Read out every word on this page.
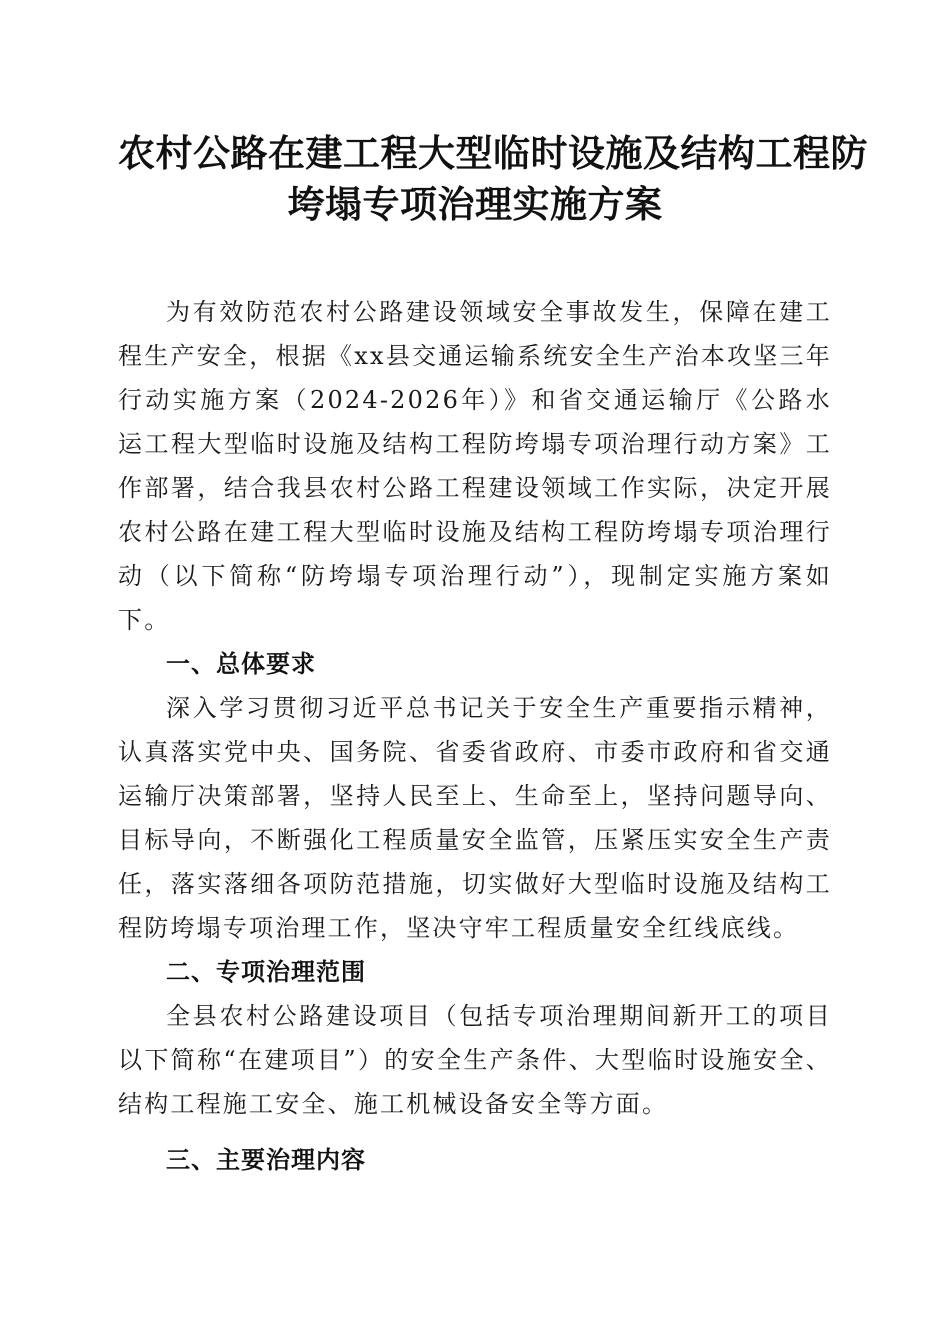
农村公路在建工程大型临时设施及结构工程防
垮塌专项治理实施方案

为有效防范农村公路建设领域安全事故发生，保障在建工程生产安全，根据《xx县交通运输系统安全生产治本攻坚三年行动实施方案（2024-2026年）》和省交通运输厅《公路水运工程大型临时设施及结构工程防垮塌专项治理行动方案》工作部署，结合我县农村公路工程建设领域工作实际，决定开展农村公路在建工程大型临时设施及结构工程防垮塌专项治理行动（以下简称“防垮塌专项治理行动”），现制定实施方案如下。

一、总体要求

深入学习贯彻习近平总书记关于安全生产重要指示精神，认真落实党中央、国务院、省委省政府、市委市政府和省交通运输厅决策部署，坚持人民至上、生命至上，坚持问题导向、目标导向，不断强化工程质量安全监管，压紧压实安全生产责任，落实落细各项防范措施，切实做好大型临时设施及结构工程防垮塌专项治理工作，坚决守牢工程质量安全红线底线。

二、专项治理范围

全县农村公路建设项目（包括专项治理期间新开工的项目以下简称“在建项目”）的安全生产条件、大型临时设施安全、结构工程施工安全、施工机械设备安全等方面。

三、主要治理内容
